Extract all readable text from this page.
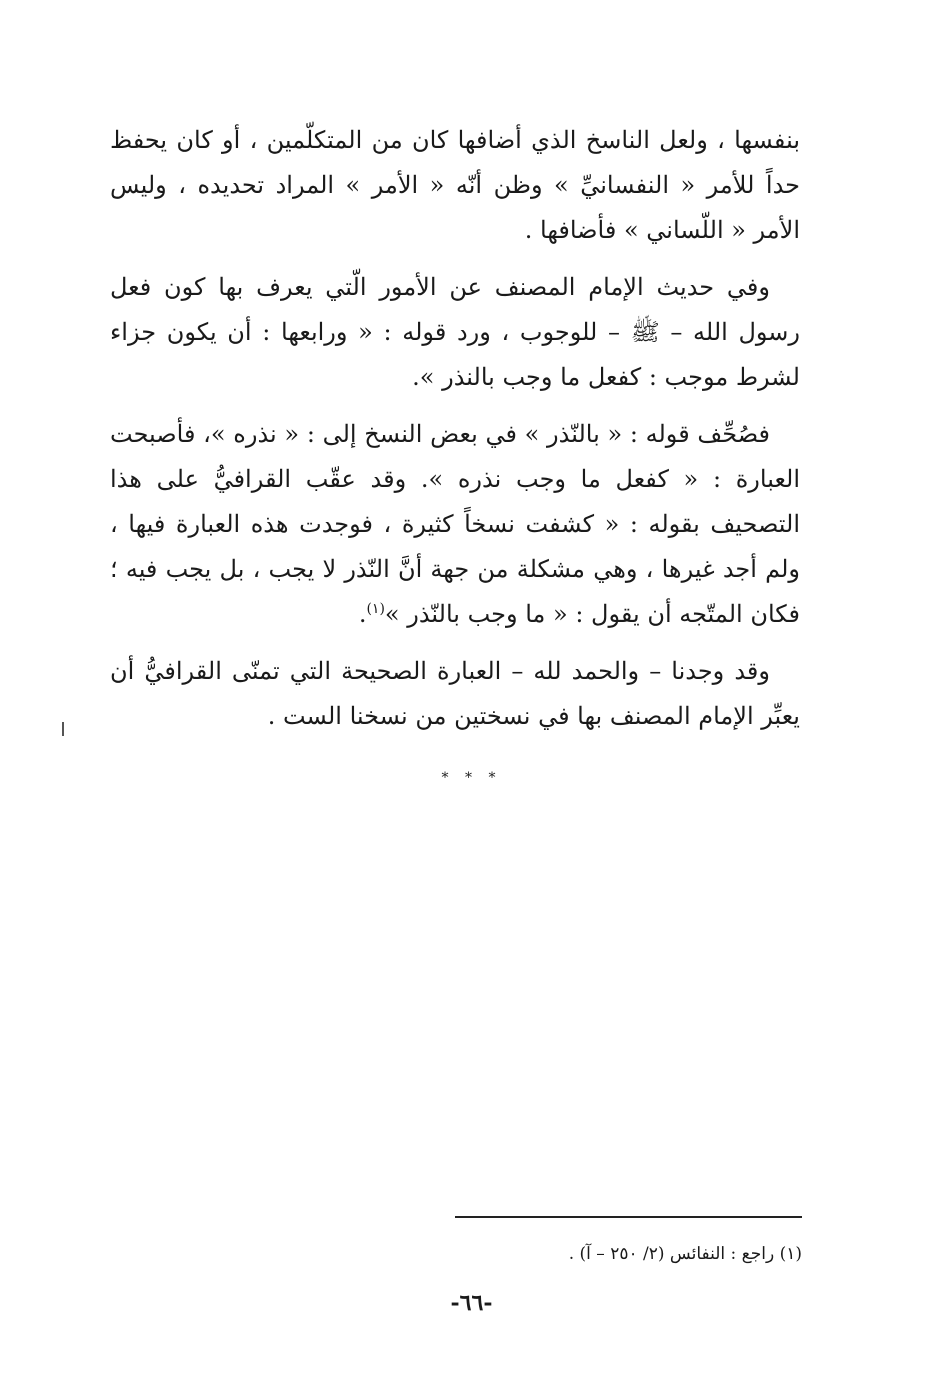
بنفسها ، ولعل الناسخ الذي أضافها كان من المتكلّمين ، أو كان يحفظ حداً للأمر « النفسانيِّ » وظن أنّه « الأمر » المراد تحديده ، وليس الأمر « اللّساني » فأضافها .

وفي حديث الإمام المصنف عن الأمور الّتي يعرف بها كون فعل رسول الله – ﷺ – للوجوب ، ورد قوله : « ورابعها : أن يكون جزاء لشرط موجب : كفعل ما وجب بالنذر ».

فصُحِّف قوله : « بالنّذر » في بعض النسخ إلى : « نذره »، فأصبحت العبارة : « كفعل ما وجب نذره ». وقد عقّب القرافيُّ على هذا التصحيف بقوله : « كشفت نسخاً كثيرة ، فوجدت هذه العبارة فيها ، ولم أجد غيرها ، وهي مشكلة من جهة أنَّ النّذر لا يجب ، بل يجب فيه ؛ فكان المتّجه أن يقول : « ما وجب بالنّذر »$^{(١)}$.

وقد وجدنا – والحمد لله – العبارة الصحيحة التي تمنّى القرافيُّ أن يعبِّر الإمام المصنف بها في نسختين من نسخنا الست .

* * *
(١) راجع : النفائس (٢/ ٢٥٠ – آ) .
-٦٦-
